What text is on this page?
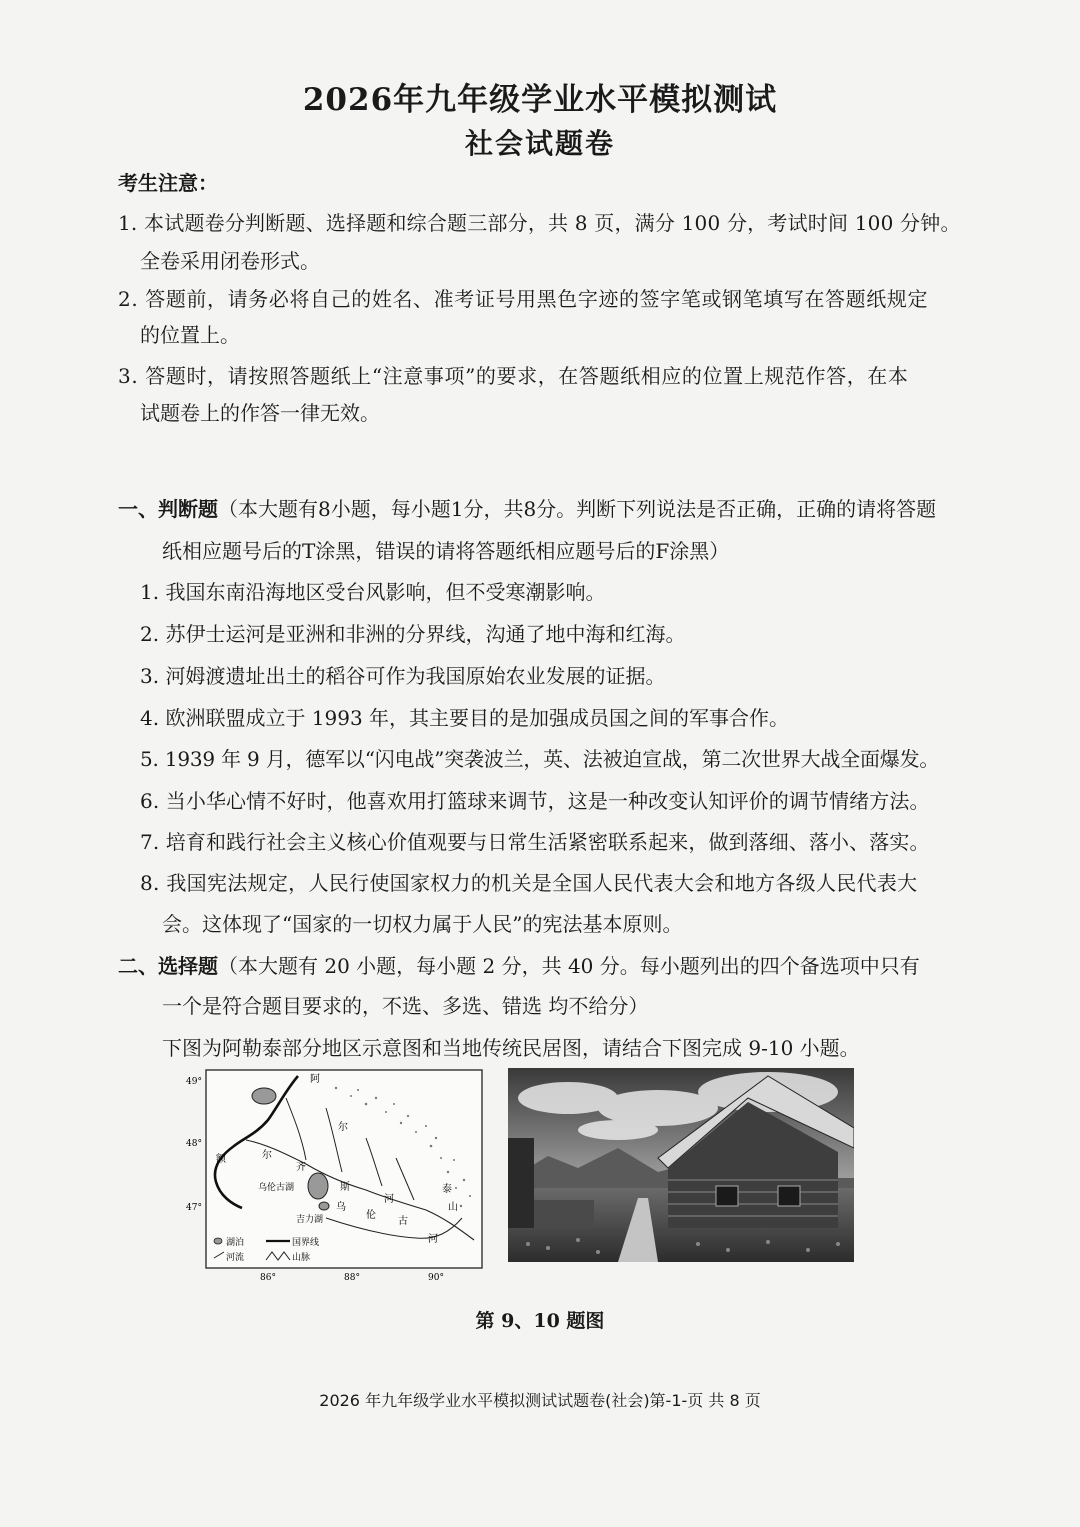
2026年九年级学业水平模拟测试
社会试题卷
考生注意：
1. 本试题卷分判断题、选择题和综合题三部分，共 8 页，满分 100 分，考试时间 100 分钟。
全卷采用闭卷形式。
2. 答题前，请务必将自己的姓名、准考证号用黑色字迹的签字笔或钢笔填写在答题纸规定
的位置上。
3. 答题时，请按照答题纸上“注意事项”的要求，在答题纸相应的位置上规范作答，在本
试题卷上的作答一律无效。
一、判断题（本大题有8小题，每小题1分，共8分。判断下列说法是否正确，正确的请将答题
纸相应题号后的T涂黑，错误的请将答题纸相应题号后的F涂黑）
1. 我国东南沿海地区受台风影响，但不受寒潮影响。
2. 苏伊士运河是亚洲和非洲的分界线，沟通了地中海和红海。
3. 河姆渡遗址出土的稻谷可作为我国原始农业发展的证据。
4. 欧洲联盟成立于 1993 年，其主要目的是加强成员国之间的军事合作。
5. 1939 年 9 月，德军以“闪电战”突袭波兰，英、法被迫宣战，第二次世界大战全面爆发。
6. 当小华心情不好时，他喜欢用打篮球来调节，这是一种改变认知评价的调节情绪方法。
7. 培育和践行社会主义核心价值观要与日常生活紧密联系起来，做到落细、落小、落实。
8. 我国宪法规定，人民行使国家权力的机关是全国人民代表大会和地方各级人民代表大
会。这体现了“国家的一切权力属于人民”的宪法基本原则。
二、选择题（本大题有 20 小题，每小题 2 分，共 40 分。每小题列出的四个备选项中只有
一个是符合题目要求的，不选、多选、错选 均不给分）
下图为阿勒泰部分地区示意图和当地传统民居图，请结合下图完成 9-10 小题。
49°
48°
47°
86°	88°	90°
阿
尔
额	尔
齐
乌伦古湖	斯
河
吉力湖
乌
伦
古
山
河
泰
湖泊	国界线
河流	山脉
第 9、10 题图
2026 年九年级学业水平模拟测试试题卷(社会)第-1-页 共 8 页
